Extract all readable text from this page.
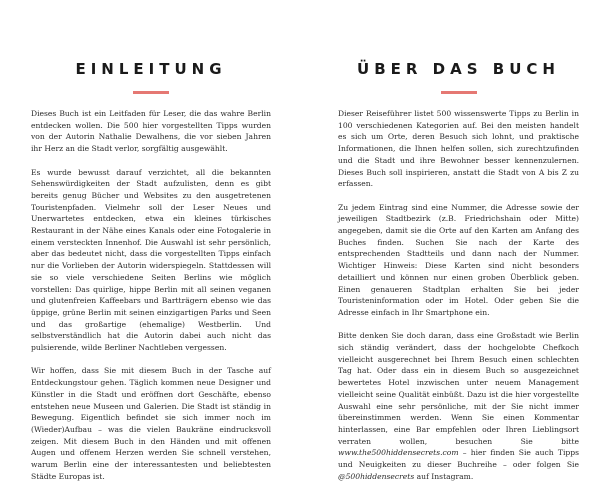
EINLEITUNG

Dieses Buch ist ein Leitfaden für Leser, die das wahre Berlin entdecken wollen. Die 500 hier vorgestellten Tipps wurden von der Autorin Nathalie Dewalhens, die vor sieben Jahren ihr Herz an die Stadt verlor, sorgfältig ausgewählt.

Es wurde bewusst darauf verzichtet, all die bekannten Sehenswürdigkeiten der Stadt aufzulisten, denn es gibt bereits genug Bücher und Websites zu den ausgetretenen Touristenpfaden. Vielmehr soll der Leser Neues und Unerwartetes entdecken, etwa ein kleines türkisches Restaurant in der Nähe eines Kanals oder eine Fotogalerie in einem versteckten Innenhof. Die Auswahl ist sehr persönlich, aber das bedeutet nicht, dass die vorgestellten Tipps einfach nur die Vorlieben der Autorin widerspiegeln. Stattdessen will sie so viele verschiedene Seiten Berlins wie möglich vorstellen: Das quirlige, hippe Berlin mit all seinen veganen und glutenfreien Kaffeebars und Bartträgern ebenso wie das üppige, grüne Berlin mit seinen einzigartigen Parks und Seen und das großartige (ehemalige) Westberlin. Und selbstverständlich hat die Autorin dabei auch nicht das pulsierende, wilde Berliner Nachtleben vergessen.

Wir hoffen, dass Sie mit diesem Buch in der Tasche auf Entdeckungstour gehen. Täglich kommen neue Designer und Künstler in die Stadt und eröffnen dort Geschäfte, ebenso entstehen neue Museen und Galerien. Die Stadt ist ständig in Bewegung. Eigentlich befindet sie sich immer noch im (Wieder)Aufbau – was die vielen Baukräne eindrucksvoll zeigen. Mit diesem Buch in den Händen und mit offenen Augen und offenem Herzen werden Sie schnell verstehen, warum Berlin eine der interessantesten und beliebtesten Städte Europas ist.

ÜBER DAS BUCH

Dieser Reiseführer listet 500 wissenswerte Tipps zu Berlin in 100 verschiedenen Kategorien auf. Bei den meisten handelt es sich um Orte, deren Besuch sich lohnt, und praktische Informationen, die Ihnen helfen sollen, sich zurechtzufinden und die Stadt und ihre Bewohner besser kennenzulernen. Dieses Buch soll inspirieren, anstatt die Stadt von A bis Z zu erfassen.

Zu jedem Eintrag sind eine Nummer, die Adresse sowie der jeweiligen Stadtbezirk (z.B. Friedrichshain oder Mitte) angegeben, damit sie die Orte auf den Karten am Anfang des Buches finden. Suchen Sie nach der Karte des entsprechenden Stadtteils und dann nach der Nummer. Wichtiger Hinweis: Diese Karten sind nicht besonders detailliert und können nur einen groben Überblick geben. Einen genaueren Stadtplan erhalten Sie bei jeder Touristeninformation oder im Hotel. Oder geben Sie die Adresse einfach in Ihr Smartphone ein.

Bitte denken Sie doch daran, dass eine Großstadt wie Berlin sich ständig verändert, dass der hochgelobte Chefkoch vielleicht ausgerechnet bei Ihrem Besuch einen schlechten Tag hat. Oder dass ein in diesem Buch so ausgezeichnet bewertetes Hotel inzwischen unter neuem Management vielleicht seine Qualität einbüßt. Dazu ist die hier vorgestellte Auswahl eine sehr persönliche, mit der Sie nicht immer übereinstimmen werden. Wenn Sie einen Kommentar hinterlassen, eine Bar empfehlen oder Ihren Lieblingsort verraten wollen, besuchen Sie bitte www.the500hiddensecrets.com – hier finden Sie auch Tipps und Neuigkeiten zu dieser Buchreihe – oder folgen Sie @500hiddensecrets auf Instagram.
